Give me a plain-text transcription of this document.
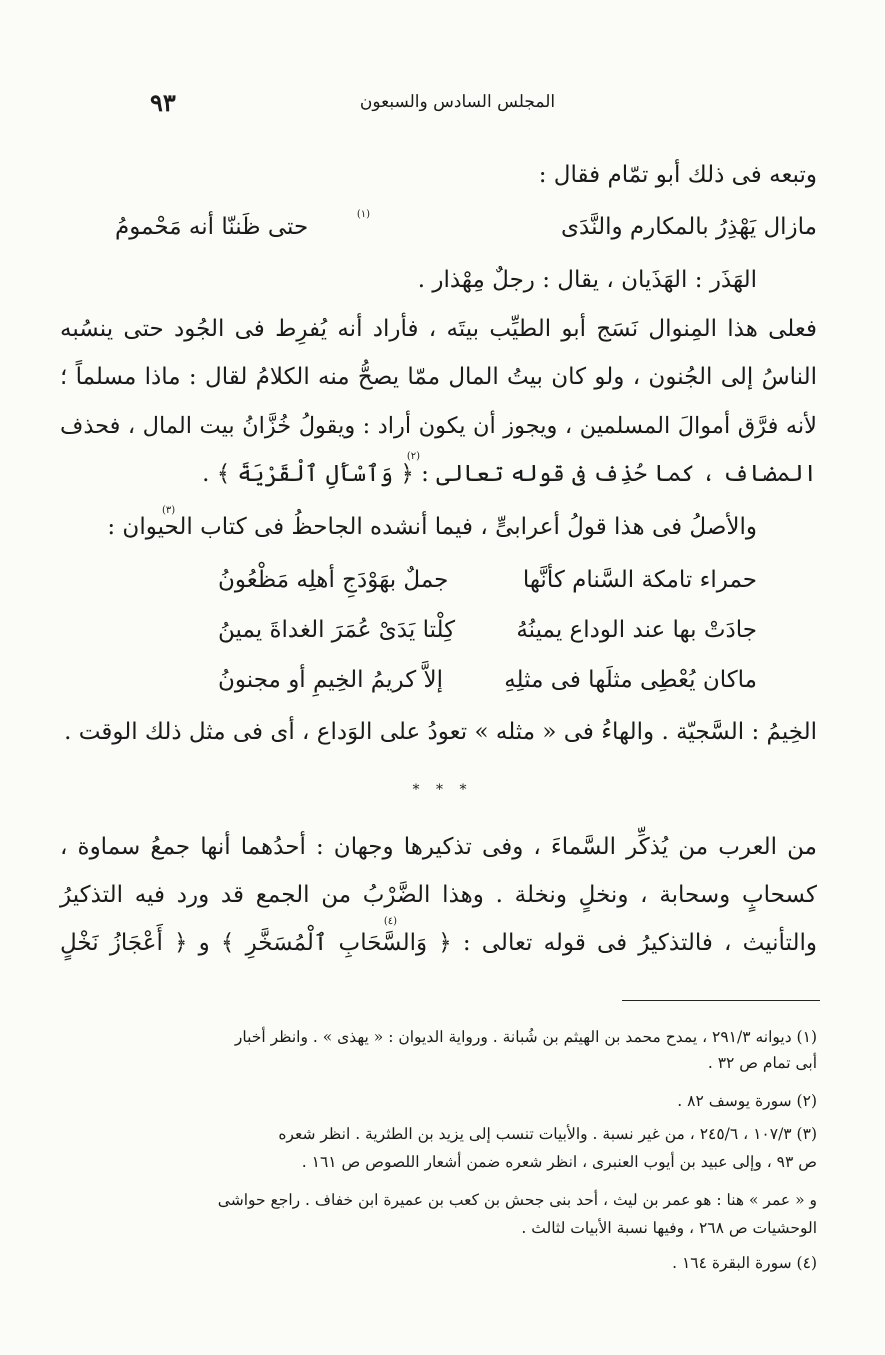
٩٣	المجلس السادس والسبعون
وتبعه فى ذلك أبو تمّام فقال :
(١)	مازال يَهْذِرُ بالمكارم والنَّدَى
حتى ظَننّا أنه مَحْمومُ
الهَذَر : الهَذَيان ، يقال : رجلٌ مِهْذار .
فعلى هذا المِنوال نَسَج أبو الطيِّب بيتَه ، فأراد أنه يُفرِط فى الجُود حتى ينسُبه
الناسُ إلى الجُنون ، ولو كان بيتُ المال ممّا يصحُّ منه الكلامُ لقال : ماذا مسلماً ؛
لأنه فرَّق أموالَ المسلمين ، ويجوز أن يكون أراد : ويقولُ خُزَّانُ بيت المال ، فحذف
المضاف ، كما حُذِف فى قوله تعالى : ﴿ وَٱسْأَلِ ٱلْقَرْيَةَ ﴾ .
(٢)
(٣)
والأصلُ فى هذا قولُ أعرابىٍّ ، فيما أنشده الجاحظُ فى كتاب الحيوان :
حمراء تامكة السَّنام كأنَّها
جملٌ بهَوْدَجِ أهلِه مَظْعُونُ
جادَتْ بها عند الوداع يمينُهُ
كِلْتا يَدَىْ عُمَرَ الغداةَ يمينُ
ماكان يُعْطِى مثلَها فى مثلِهِ
إلاَّ كريمُ الخِيمِ أو مجنونُ
الخِيمُ : السَّجيّة . والهاءُ فى « مثله » تعودُ على الوَداع ، أى فى مثل ذلك الوقت .
* * *
من العرب من يُذكِّر السَّماءَ ، وفى تذكيرها وجهان : أحدُهما أنها جمعُ سماوة ،
كسحابٍ وسحابة ، ونخلٍ ونخلة . وهذا الضَّرْبُ من الجمع قد ورد فيه التذكيرُ
(٤)
والتأنيث ، فالتذكيرُ فى قوله تعالى : ﴿ وَالسَّحَابِ ٱلْمُسَخَّرِ ﴾ و ﴿ أَعْجَازُ نَخْلٍ
(١) ديوانه ٢٩١/٣ ، يمدح محمد بن الهيثم بن شُبانة . ورواية الديوان : « يهذى » . وانظر أخبار
أبى تمام ص ٣٢ .
(٢) سورة يوسف ٨٢ .
(٣) ١٠٧/٣ ، ٢٤٥/٦ ، من غير نسبة . والأبيات تنسب إلى يزيد بن الطثرية . انظر شعره
ص ٩٣ ، وإلى عبيد بن أيوب العنبرى ، انظر شعره ضمن أشعار اللصوص ص ١٦١ .
و « عمر » هنا : هو عمر بن ليث ، أحد بنى جحش بن كعب بن عميرة ابن خفاف . راجع حواشى
الوحشيات ص ٢٦٨ ، وفيها نسبة الأبيات لثالث .
(٤) سورة البقرة ١٦٤ .
